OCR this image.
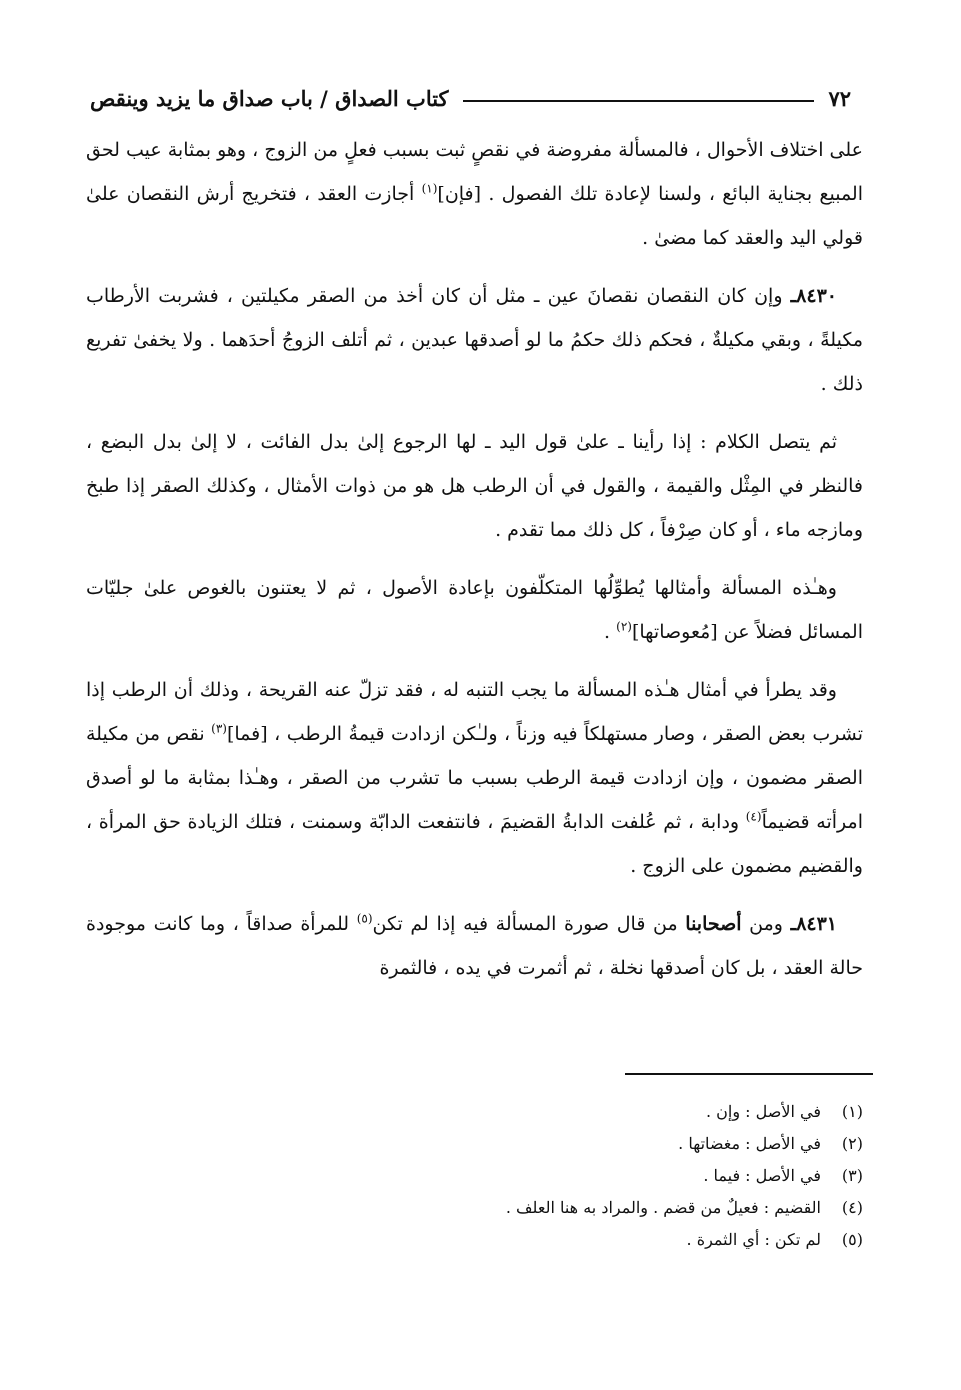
٧٢
كتاب الصداق / باب صداق ما يزيد وينقص

على اختلاف الأحوال ، فالمسألة مفروضة في نقصٍ ثبت بسبب فعلٍ من الزوج ، وهو بمثابة عيب لحق المبيع بجناية البائع ، ولسنا لإعادة تلك الفصول . [فإن]$^{(١)}$ أجازت العقد ، فتخريج أرش النقصان علىٰ قولي اليد والعقد كما مضىٰ .

٨٤٣٠ـ وإن كان النقصان نقصانَ عين ـ مثل أن كان أخذ من الصقر مكيلتين ، فشربت الأرطاب مكيلةً ، وبقي مكيلةٌ ، فحكم ذلك حكمُ ما لو أصدقها عبدين ، ثم أتلف الزوجُ أحدَهما . ولا يخفىٰ تفريع ذلك .

ثم يتصل الكلام : إذا رأينا ـ علىٰ قول اليد ـ لها الرجوع إلىٰ بدل الفائت ، لا إلىٰ بدل البضع ، فالنظر في المِثْل والقيمة ، والقول في أن الرطب هل هو من ذوات الأمثال ، وكذلك الصقر إذا طبخ ومازجه ماء ، أو كان صِرْفاً ، كل ذلك مما تقدم .

وهـٰذه المسألة وأمثالها يُطوِّلُها المتكلّفون بإعادة الأصول ، ثم لا يعتنون بالغوص علىٰ جليّات المسائل فضلاً عن [مُعوصاتها]$^{(٢)}$ .

وقد يطرأ في أمثال هـٰذه المسألة ما يجب التنبه له ، فقد تزلّ عنه القريحة ، وذلك أن الرطب إذا تشرب بعض الصقر ، وصار مستهلكاً فيه وزناً ، ولـٰكن ازدادت قيمةُ الرطب ، [فما]$^{(٣)}$ نقص من مكيلة الصقر مضمون ، وإن ازدادت قيمة الرطب بسبب ما تشرب من الصقر ، وهـٰذا بمثابة ما لو أصدق امرأته قضيماً$^{(٤)}$ ودابة ، ثم عُلفت الدابةُ القضيمَ ، فانتفعت الدابّة وسمنت ، فتلك الزيادة حق المرأة ، والقضيم مضمون على الزوج .

٨٤٣١ـ ومن أصحابنا من قال صورة المسألة فيه إذا لم تكن$^{(٥)}$ للمرأة صداقاً ، وما كانت موجودة حالة العقد ، بل كان أصدقها نخلة ، ثم أثمرت في يده ، فالثمرة

(١)
في الأصل : وإن .
(٢)
في الأصل : مغضاتها .
(٣)
في الأصل : فيما .
(٤)
القضيم : فعيلٌ من قضم . والمراد به هنا العلف .
(٥)
لم تكن : أي الثمرة .
